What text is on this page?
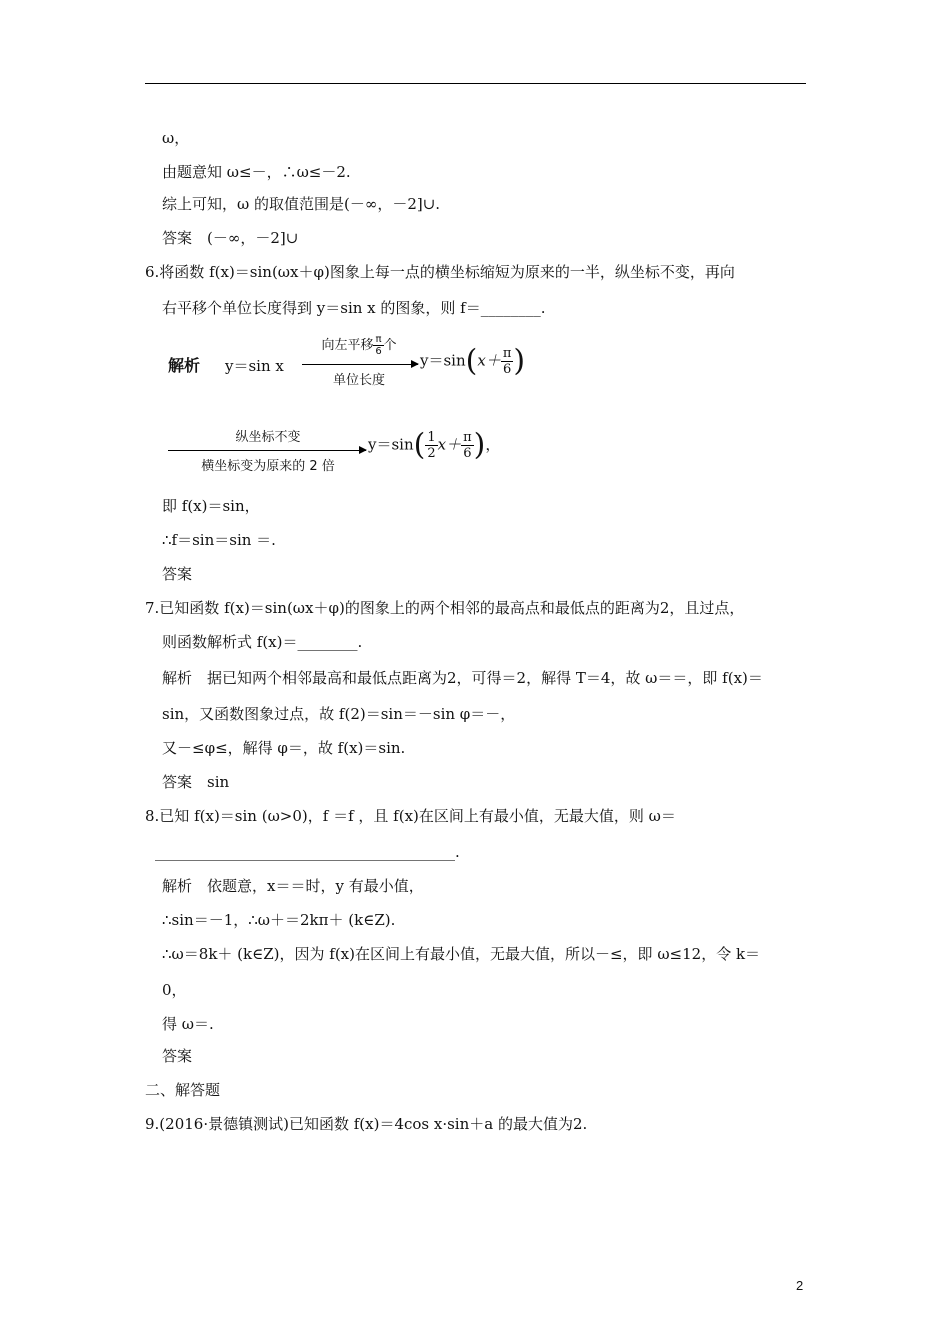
ω，
由题意知 ω≤－，∴ω≤－2.
综上可知，ω 的取值范围是(－∞，－2]∪.
答案　(－∞，－2]∪
6.将函数 f(x)＝sin(ωx＋φ)图象上每一点的横坐标缩短为原来的一半，纵坐标不变，再向
右平移个单位长度得到 y＝sin x 的图象，则 f＝________.
解析 y＝sin x
向左平移 $\frac{\pi}{6}$ 个
单位长度
$y=\sin(x+ \frac{\pi}{6}$ )
纵坐标不变
横坐标变为原来的 2 倍
$y=\sin( \frac{1}{2} x+ \frac{\pi}{6}$ )，
即 f(x)＝sin，
∴f＝sin＝sin ＝.
答案
7.已知函数 f(x)＝sin(ωx＋φ)的图象上的两个相邻的最高点和最低点的距离为2，且过点，
则函数解析式 f(x)＝________.
解析　据已知两个相邻最高和最低点距离为2，可得＝2，解得 T＝4，故 ω＝＝，即 f(x)＝
sin，又函数图象过点，故 f(2)＝sin＝－sin φ＝－，
又－≤φ≤，解得 φ＝，故 f(x)＝sin.
答案　sin
8.已知 f(x)＝sin (ω>0)，f ＝f ，且 f(x)在区间上有最小值，无最大值，则 ω＝
________________________________________.
解析　依题意，x＝＝时，y 有最小值，
∴sin＝－1，∴ω＋＝2kπ＋ (k∈Z).
∴ω＝8k＋ (k∈Z)，因为 f(x)在区间上有最小值，无最大值，所以－≤，即 ω≤12，令 k＝
0，
得 ω＝.
答案
二、解答题
9.(2016·景德镇测试)已知函数 f(x)＝4cos x·sin＋a 的最大值为2.
2
